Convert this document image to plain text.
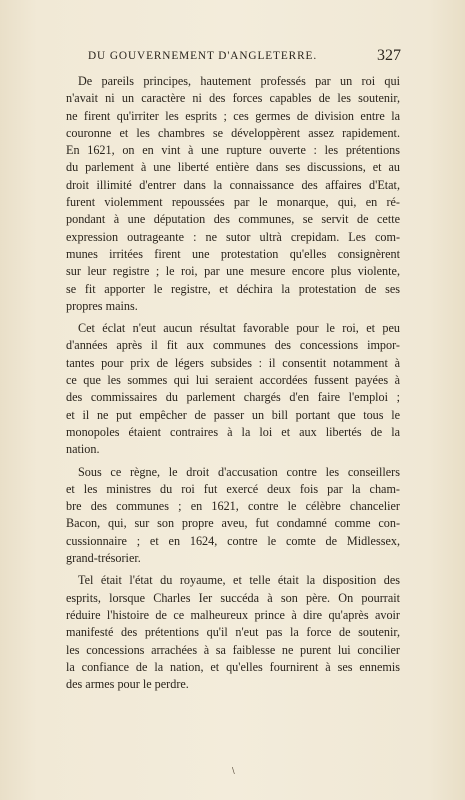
DU GOUVERNEMENT D'ANGLETERRE.	327

De pareils principes, hautement professés par un roi qui
n'avait ni un caractère ni des forces capables de les soutenir,
ne firent qu'irriter les esprits ; ces germes de division entre la
couronne et les chambres se développèrent assez rapidement.
En 1621, on en vint à une rupture ouverte : les prétentions
du parlement à une liberté entière dans ses discussions, et au
droit illimité d'entrer dans la connaissance des affaires d'Etat,
furent violemment repoussées par le monarque, qui, en ré-
pondant à une députation des communes, se servit de cette
expression outrageante : ne sutor ultrà crepidam. Les com-
munes irritées firent une protestation qu'elles consignèrent
sur leur registre ; le roi, par une mesure encore plus violente,
se fit apporter le registre, et déchira la protestation de ses
propres mains.

Cet éclat n'eut aucun résultat favorable pour le roi, et peu
d'années après il fit aux communes des concessions impor-
tantes pour prix de légers subsides : il consentit notamment à
ce que les sommes qui lui seraient accordées fussent payées à
des commissaires du parlement chargés d'en faire l'emploi ;
et il ne put empêcher de passer un bill portant que tous le
monopoles étaient contraires à la loi et aux libertés de la
nation.

Sous ce règne, le droit d'accusation contre les conseillers
et les ministres du roi fut exercé deux fois par la cham-
bre des communes ; en 1621, contre le célèbre chancelier
Bacon, qui, sur son propre aveu, fut condamné comme con-
cussionnaire ; et en 1624, contre le comte de Midlessex,
grand-trésorier.

Tel était l'état du royaume, et telle était la disposition des
esprits, lorsque Charles Ier succéda à son père. On pourrait
réduire l'histoire de ce malheureux prince à dire qu'après avoir
manifesté des prétentions qu'il n'eut pas la force de soutenir,
les concessions arrachées à sa faiblesse ne purent lui concilier
la confiance de la nation, et qu'elles fournirent à ses ennemis
des armes pour le perdre.

\
